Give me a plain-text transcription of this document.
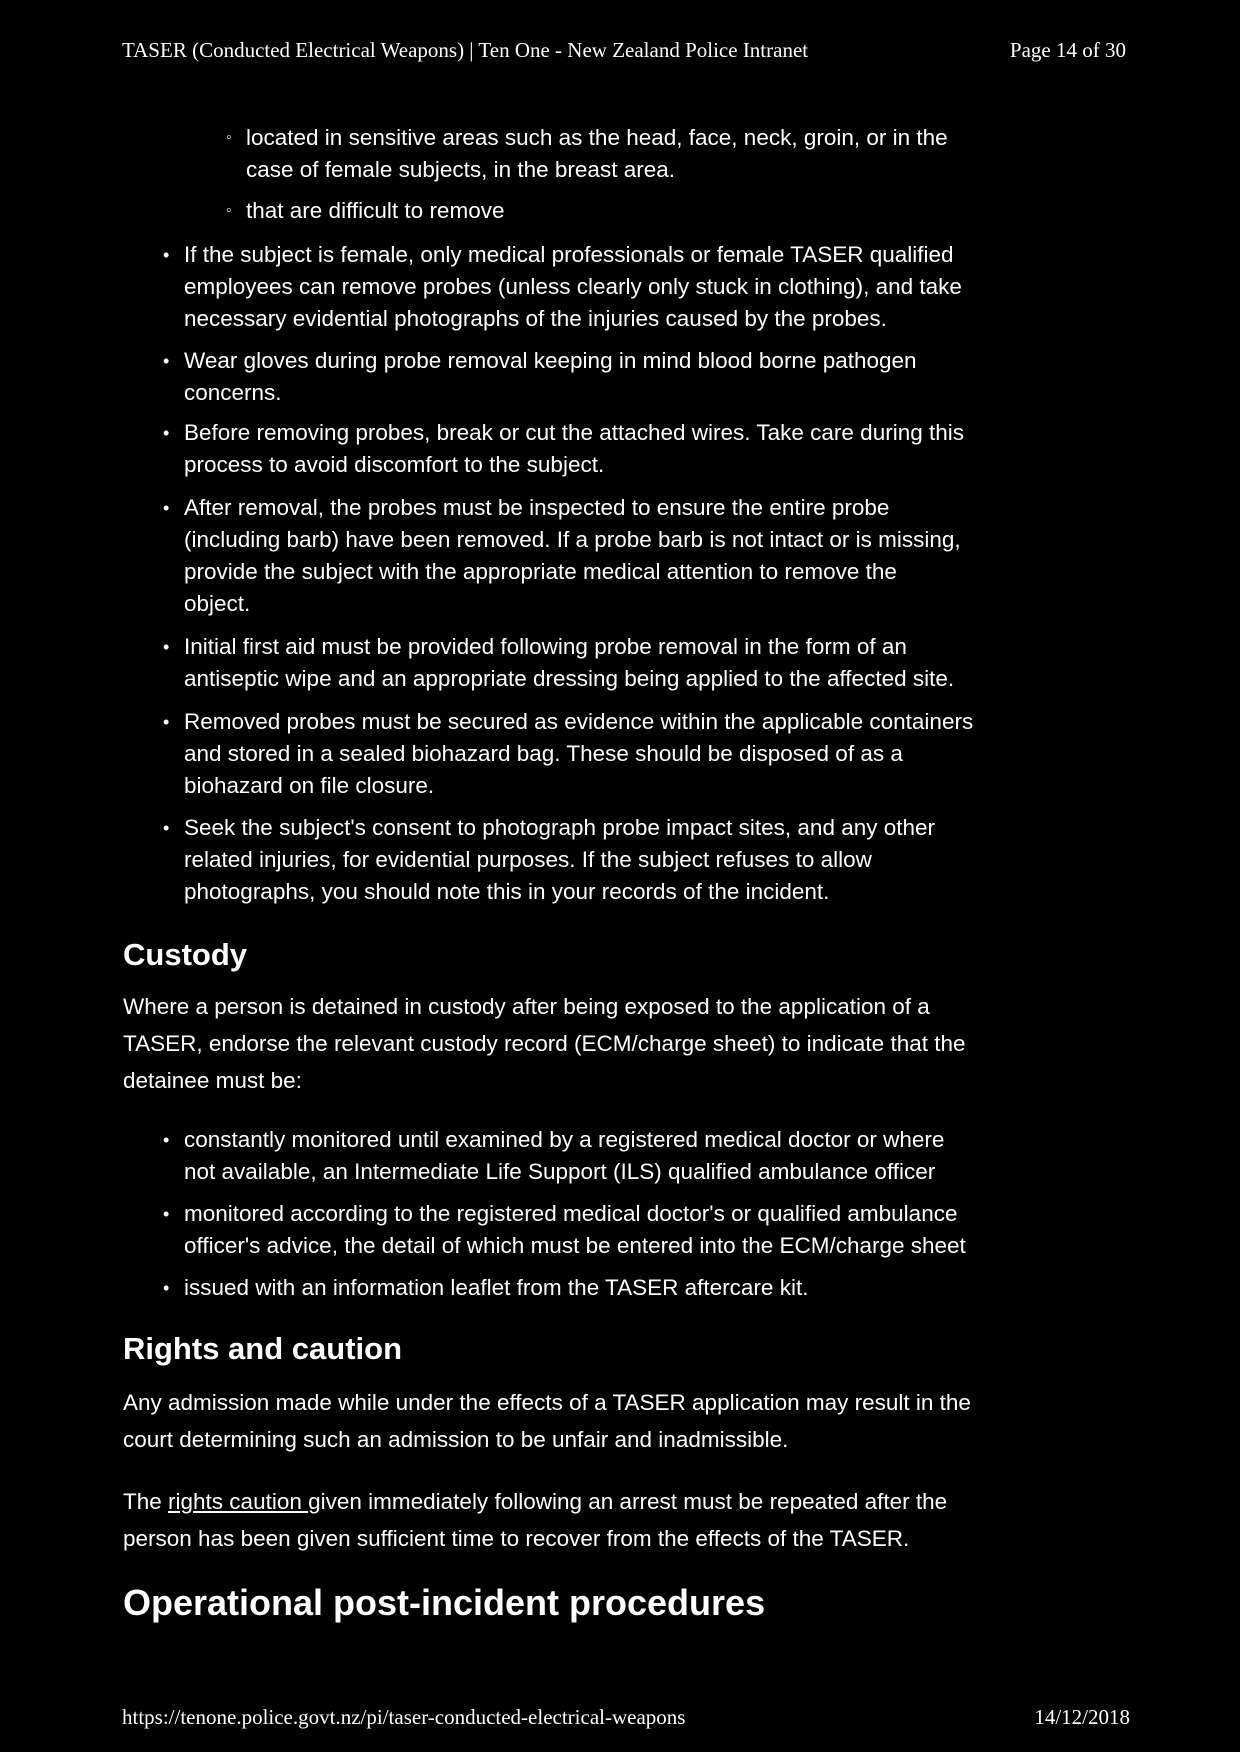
TASER (Conducted Electrical Weapons) | Ten One - New Zealand Police Intranet	Page 14 of 30
◦ located in sensitive areas such as the head, face, neck, groin, or in the
case of female subjects, in the breast area.
◦ that are difficult to remove
• If the subject is female, only medical professionals or female TASER qualified
employees can remove probes (unless clearly only stuck in clothing), and take
necessary evidential photographs of the injuries caused by the probes.
• Wear gloves during probe removal keeping in mind blood borne pathogen
concerns.
• Before removing probes, break or cut the attached wires. Take care during this
process to avoid discomfort to the subject.
• After removal, the probes must be inspected to ensure the entire probe
(including barb) have been removed. If a probe barb is not intact or is missing,
provide the subject with the appropriate medical attention to remove the
object.
• Initial first aid must be provided following probe removal in the form of an
antiseptic wipe and an appropriate dressing being applied to the affected site.
• Removed probes must be secured as evidence within the applicable containers
and stored in a sealed biohazard bag. These should be disposed of as a
biohazard on file closure.
• Seek the subject's consent to photograph probe impact sites, and any other
related injuries, for evidential purposes. If the subject refuses to allow
photographs, you should note this in your records of the incident.
• constantly monitored until examined by a registered medical doctor or where
not available, an Intermediate Life Support (ILS) qualified ambulance officer
• monitored according to the registered medical doctor's or qualified ambulance
officer's advice, the detail of which must be entered into the ECM/charge sheet
• issued with an information leaflet from the TASER aftercare kit.
Custody
Where a person is detained in custody after being exposed to the application of a
TASER, endorse the relevant custody record (ECM/charge sheet) to indicate that the
detainee must be:
Rights and caution
Any admission made while under the effects of a TASER application may result in the
court determining such an admission to be unfair and inadmissible.
The rights caution given immediately following an arrest must be repeated after the
person has been given sufficient time to recover from the effects of the TASER.
Operational post-incident procedures
https://tenone.police.govt.nz/pi/taser-conducted-electrical-weapons	14/12/2018
